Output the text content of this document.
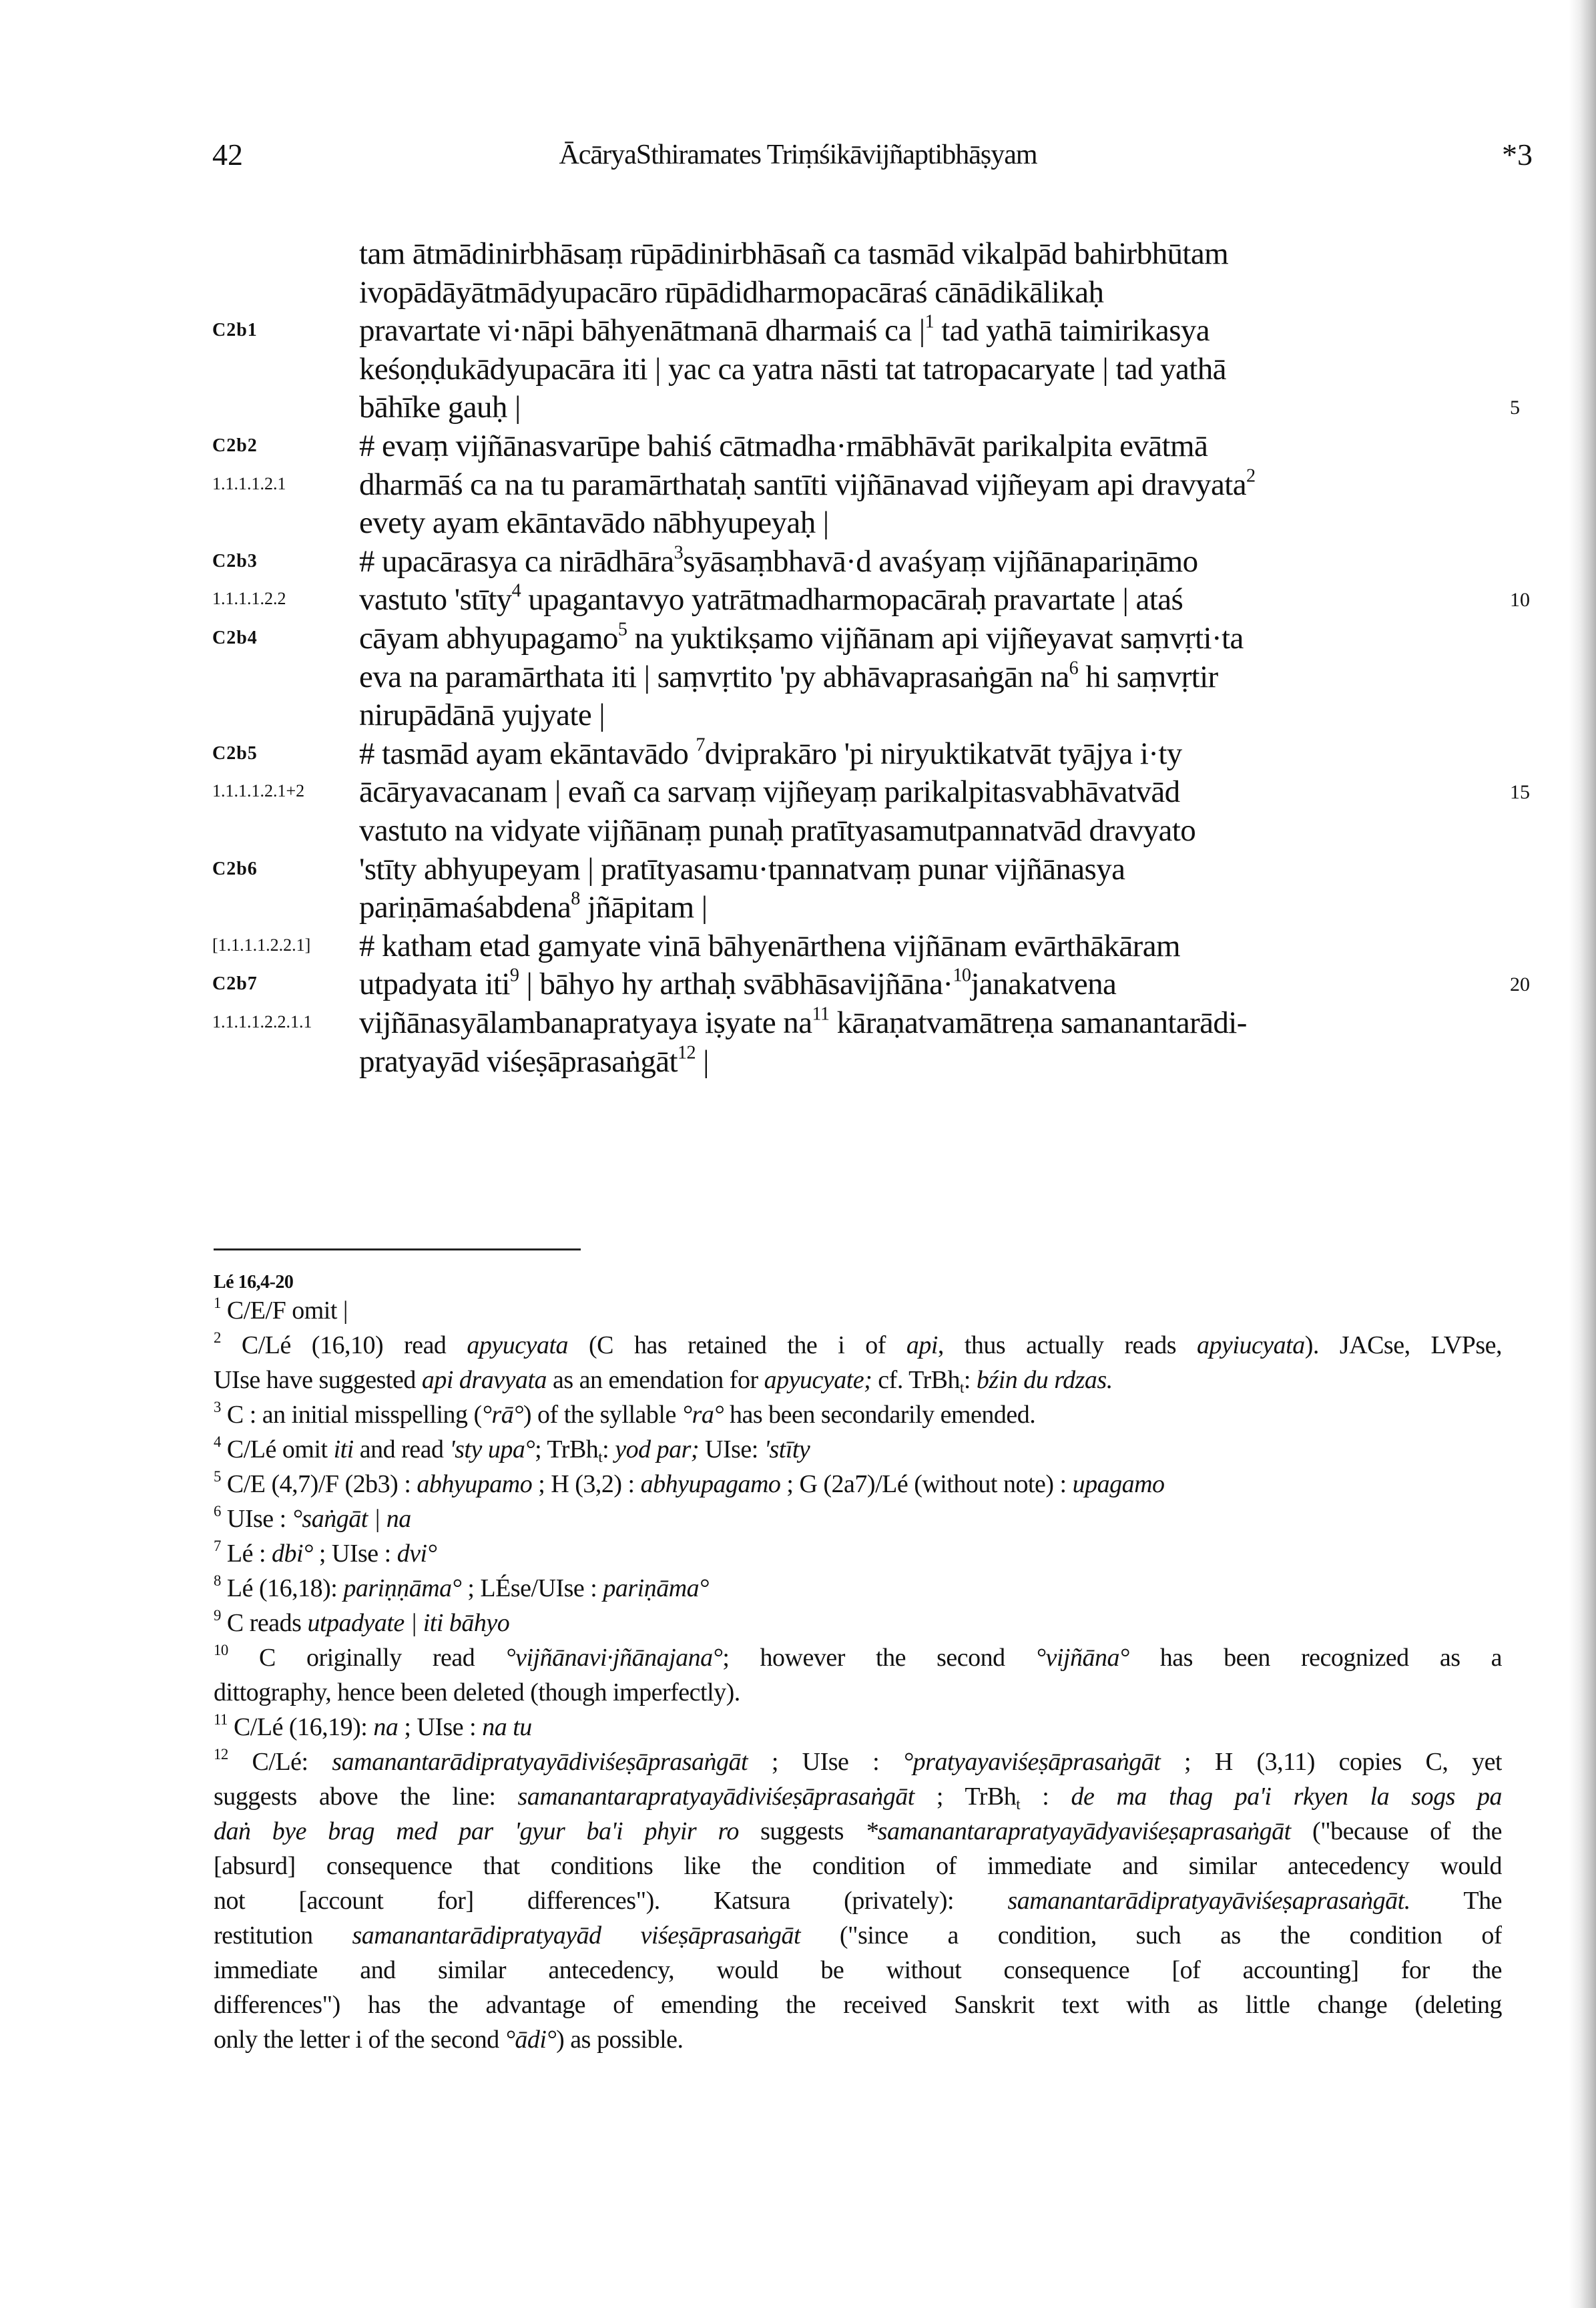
42	ĀcāryaSthiramates Triṃśikāvijñaptibhāṣyam	*3
tam ātmādinirbhāsaṃ rūpādinirbhāsañ ca tasmād vikalpād bahirbhūtam
ivopādāyātmādyupacāro rūpādidharmopacāraś cānādikālikaḥ
C2b1	pravartate vi·nāpi bāhyenātmanā dharmaiś ca $|^1$ tad yathā taimirikasya
keśoṇḍukādyupacāra iti | yac ca yatra nāsti tat tatropacaryate | tad yathā
bāhīke gauḥ |	5
C2b2	# evaṃ vijñānasvarūpe bahiś cātmadha·rmābhāvāt parikalpita evātmā
1.1.1.1.2.1 dharmāś ca na tu paramārthataḥ santīti vijñānavad vijñeyam api dravyata$^2$
evety ayam ekāntavādo nābhyupeyaḥ |
C2b3	# upacārasya ca nirādhāra$^3$syāsaṃbhavā·d avaśyaṃ vijñānapariṇāmo
1.1.1.1.2.2 vastuto 'stīty$^4$ upagantavyo yatrātmadharmopacāraḥ pravartate | ataś	10
C2b4	cāyam abhyupagamo$^5$ na yuktikṣamo vijñānam api vijñeyavat saṃvṛti·ta
eva na paramārthata iti | saṃvṛtito 'py abhāvaprasaṅgān $na^6$ hi saṃvṛtir
nirupādānā yujyate |
C2b5	# tasmād ayam ekāntavādo $^7$dviprakāro 'pi niryuktikatvāt tyājya i·ty
1.1.1.1.2.1+2 ācāryavacanam | evañ ca sarvaṃ vijñeyaṃ parikalpitasvabhāvatvād	15
vastuto na vidyate vijñānaṃ punaḥ pratītyasamutpannatvād dravyato
C2b6	'stīty abhyupeyam | pratītyasamu·tpannatvaṃ punar vijñānasya
pariṇāmaśabdena$^8$ jñāpitam |
[1.1.1.1.2.2.1] # katham etad gamyate vinā bāhyenārthena vijñānam evārthākāram
C2b7	utpadyata iti$^9$ | bāhyo hy arthaḥ svābhāsavijñāna·$^{10}$janakatvena	20
1.1.1.1.2.2.1.1 vijñānasyālambanapratyaya iṣyate $na^{11}$ kāraṇatvamātreṇa samanantarādi-
pratyayād viśeṣāprasaṅgāt$^{12}$ |
Lé 16,4-20
$^1$ C/E/F omit |
$^2$ C/Lé (16,10) read apyucyata (C has retained the i of api, thus actually reads apyiucyata). JACse, LVPse,
UIse have suggested api dravyata as an emendation for apyucyate; cf. TrBh$_t$: bźin du rdzas.
$^3$ C : an initial misspelling (°rā°) of the syllable °ra° has been secondarily emended.
$^4$ C/Lé omit iti and read 'sty upa°; TrBh$_t$: yod par; UIse: 'stīty
$^5$ C/E (4,7)/F (2b3) : abhyupamo ; H (3,2) : abhyupagamo ; G (2a7)/Lé (without note) : upagamo
$^6$ UIse : °saṅgāt | na
$^7$ Lé : dbi° ; UIse : dvi°
$^8$ Lé (16,18): pariṇṇāma° ; LÉse/UIse : pariṇāma°
$^9$ C reads utpadyate | iti bāhyo
$^{10}$ C originally read °vijñānavi·jñānajana°; however the second °vijñāna° has been recognized as a
dittography, hence been deleted (though imperfectly).
$^{11}$ C/Lé (16,19): na ; UIse : na tu
$^{12}$ C/Lé: samanantarādipratyayādiviśeṣāprasaṅgāt ; UIse : °pratyayaviśeṣāprasaṅgāt ; H (3,11) copies C, yet
suggests above the line: samanantarapratyayādiviśeṣāprasaṅgāt ; TrBh$_t$ : de ma thag pa'i rkyen la sogs pa
daṅ bye brag med par 'gyur ba'i phyir ro suggests *samanantarapratyayādyaviśeṣaprasaṅgāt ("because of the
[absurd] consequence that conditions like the condition of immediate and similar antecedency would
not [account for] differences"). Katsura (privately): samanantarādipratyayāviśeṣaprasaṅgāt. The
restitution samanantarādipratyayād viśeṣāprasaṅgāt ("since a condition, such as the condition of
immediate and similar antecedency, would be without consequence [of accounting] for the
differences") has the advantage of emending the received Sanskrit text with as little change (deleting
only the letter i of the second °ādi°) as possible.
